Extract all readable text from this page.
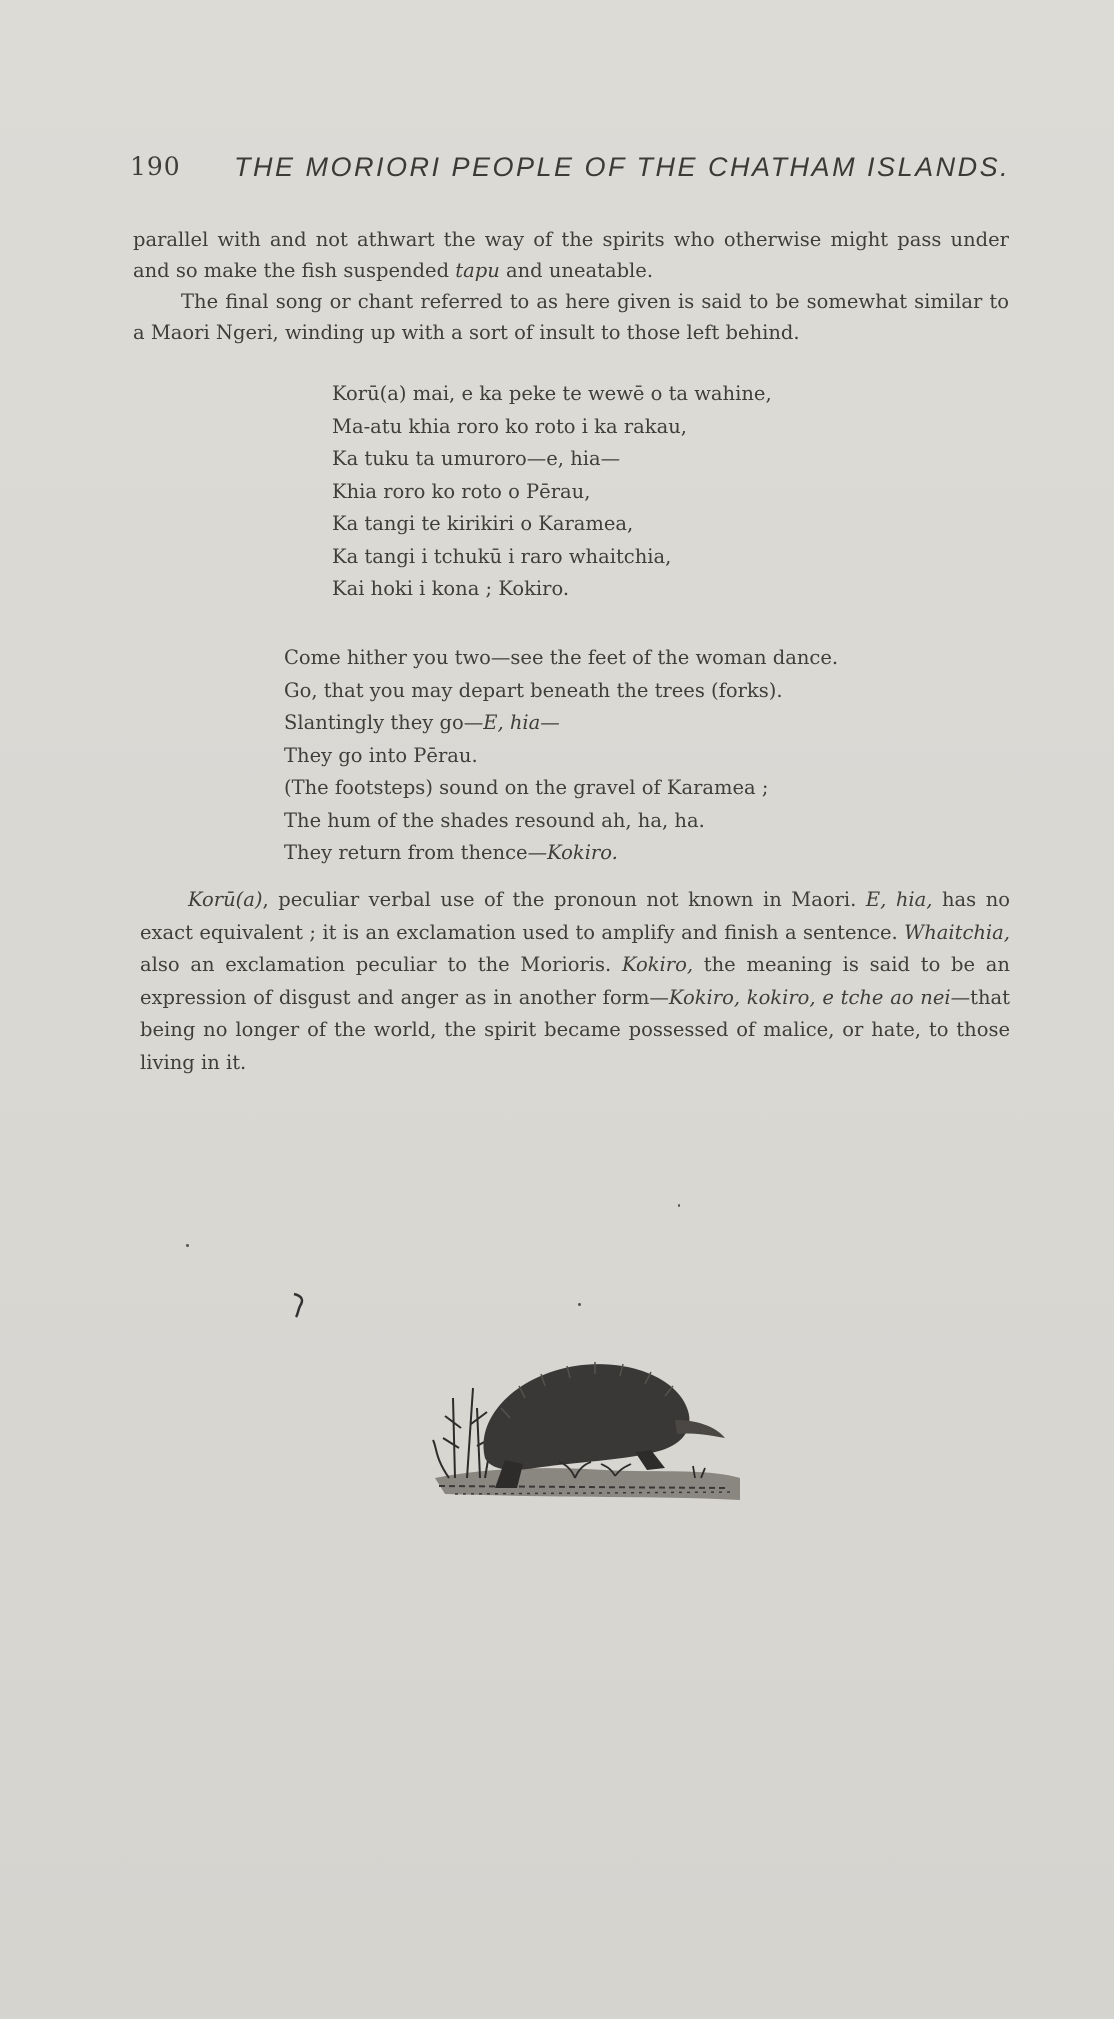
190 THE MORIORI PEOPLE OF THE CHATHAM ISLANDS.

parallel with and not athwart the way of the spirits who otherwise might pass under and so make the fish suspended tapu and uneatable.

The final song or chant referred to as here given is said to be somewhat similar to a Maori Ngeri, winding up with a sort of insult to those left behind.

Korū(a) mai, e ka peke te wewē o ta wahine,
Ma-atu khia roro ko roto i ka rakau,
Ka tuku ta umuroro—e, hia—
Khia roro ko roto o Pērau,
Ka tangi te kirikiri o Karamea,
Ka tangi i tchukū i raro whaitchia,
Kai hoki i kona ; Kokiro.
Come hither you two—see the feet of the woman dance.
Go, that you may depart beneath the trees (forks).
Slantingly they go—E, hia—
They go into Pērau.
(The footsteps) sound on the gravel of Karamea ;
The hum of the shades resound ah, ha, ha.
They return from thence—Kokiro.

Korū(a), peculiar verbal use of the pronoun not known in Maori. E, hia, has no exact equivalent ; it is an exclamation used to amplify and finish a sentence. Whaitchia, also an exclamation peculiar to the Morioris. Kokiro, the meaning is said to be an expression of disgust and anger as in another form—Kokiro, kokiro, e tche ao nei—that being no longer of the world, the spirit became possessed of malice, or hate, to those living in it.
